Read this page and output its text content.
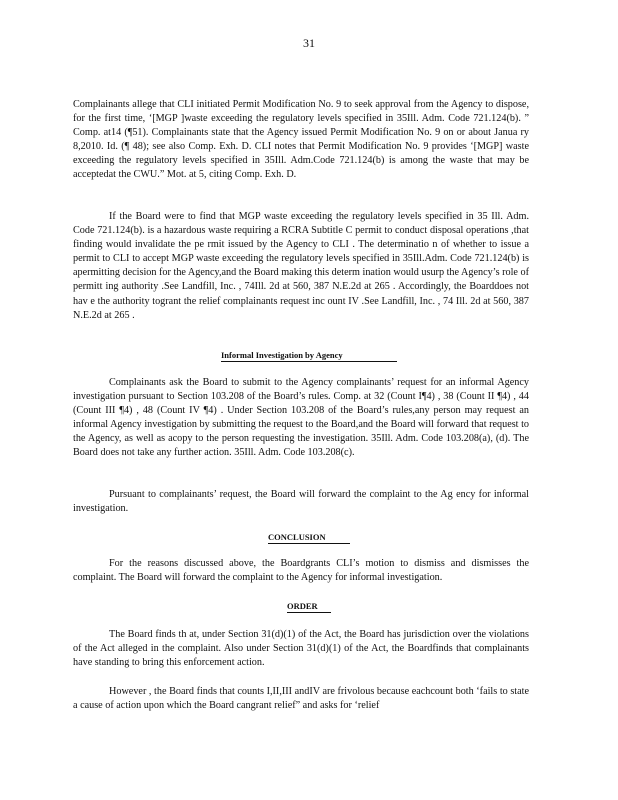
31

Complainants allege that CLI initiated Permit Modification No. 9 to seek approval from the Agency to dispose, for the first time, ‘[MGP ]waste exceeding the regulatory levels specified in 35Ill. Adm. Code 721.124(b). ” Comp. at14 (¶51). Complainants state that the Agency issued Permit Modification No. 9 on or about Janua ry 8,2010. Id. (¶ 48); see also Comp. Exh. D. CLI notes that Permit Modification No. 9 provides ‘[MGP] waste exceeding the regulatory levels specified in 35Ill. Adm.Code 721.124(b) is among the waste that may be acceptedat the CWU.” Mot. at 5, citing Comp. Exh. D.

If the Board were to find that MGP waste exceeding the regulatory levels specified in 35 Ill. Adm. Code 721.124(b). is a hazardous waste requiring a RCRA Subtitle C permit to conduct disposal operations ,that finding would invalidate the pe rmit issued by the Agency to CLI . The determinatio n of whether to issue a permit to CLI to accept MGP waste exceeding the regulatory levels specified in 35Ill.Adm. Code 721.124(b) is apermitting decision for the Agency,and the Board making this determ ination would usurp the Agency’s role of permitt ing authority .See Landfill, Inc. , 74Ill. 2d at 560, 387 N.E.2d at 265 . Accordingly, the Boarddoes not hav e the authority togrant the relief complainants request inc ount IV .See Landfill, Inc. , 74 Ill. 2d at 560, 387 N.E.2d at 265 .

Informal Investigation by Agency

Complainants ask the Board to submit to the Agency complainants’ request for an informal Agency investigation pursuant to Section 103.208 of the Board’s rules. Comp. at 32 (Count I¶4) , 38 (Count II ¶4) , 44 (Count III ¶4) , 48 (Count IV ¶4) . Under Section 103.208 of the Board’s rules,any person may request an informal Agency investigation by submitting the request to the Board,and the Board will forward that request to the Agency, as well as acopy to the person requesting the investigation. 35Ill. Adm. Code 103.208(a), (d). The Board does not take any further action. 35Ill. Adm. Code 103.208(c).

Pursuant to complainants’ request, the Board will forward the complaint to the Ag ency for informal investigation.

CONCLUSION

For the reasons discussed above, the Boardgrants CLI’s motion to dismiss and dismisses the complaint. The Board will forward the complaint to the Agency for informal investigation.

ORDER

The Board finds th at, under Section 31(d)(1) of the Act, the Board has jurisdiction over the violations of the Act alleged in the complaint. Also under Section 31(d)(1) of the Act, the Boardfinds that complainants have standing to bring this enforcement action.

However , the Board finds that counts I,II,III andIV are frivolous because eachcount both ‘fails to state a cause of action upon which the Board cangrant relief” and asks for ‘relief
